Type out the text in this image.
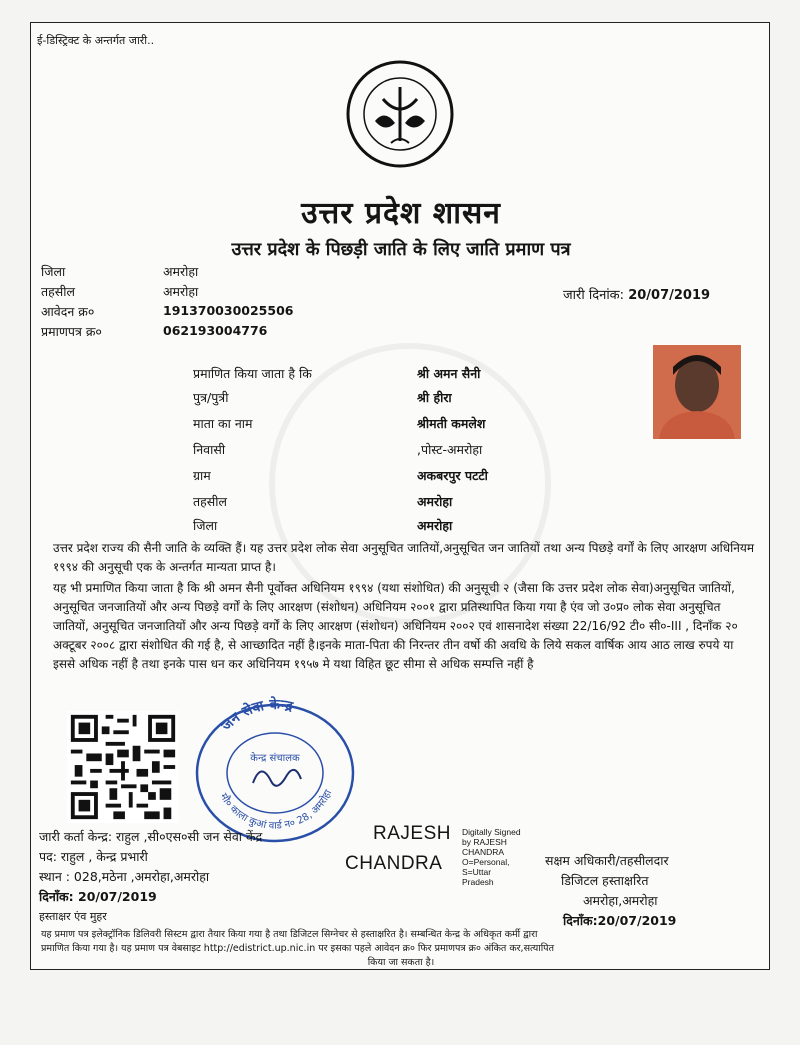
ई-डिस्ट्रिक्ट के अन्तर्गत जारी..
उत्तर प्रदेश शासन
उत्तर प्रदेश के पिछड़ी जाति के लिए जाति प्रमाण पत्र
जिला	अमरोहा
तहसील	अमरोहा
आवेदन क्र०	191370030025506
प्रमाणपत्र क्र०	062193004776
जारी दिनांक: 20/07/2019
प्रमाणित किया जाता है कि	श्री अमन सैनी
पुत्र/पुत्री	श्री हीरा
माता का नाम	श्रीमती कमलेश
निवासी	,पोस्ट-अमरोहा
ग्राम	अकबरपुर पटटी
तहसील	अमरोहा
जिला	अमरोहा
उत्तर प्रदेश राज्य की सैनी जाति के व्यक्ति हैं। यह उत्तर प्रदेश लोक सेवा अनुसूचित जातियों,अनुसूचित जन जातियों तथा अन्य पिछड़े वर्गों के लिए आरक्षण अधिनियम १९९४ की अनुसूची एक के अन्तर्गत मान्यता प्राप्त है।
यह भी प्रमाणित किया जाता है कि श्री अमन सैनी पूर्वोक्त अधिनियम १९९४ (यथा संशोधित) की अनुसूची २ (जैसा कि उत्तर प्रदेश लोक सेवा)अनुसूचित जातियों, अनुसूचित जनजातियों और अन्य पिछड़े वर्गों के लिए आरक्षण (संशोधन) अधिनियम २००१ द्वारा प्रतिस्थापित किया गया है एंव जो उ०प्र० लोक सेवा अनुसूचित जातियों, अनुसूचित जनजातियों और अन्य पिछड़े वर्गों के लिए आरक्षण (संशोधन) अधिनियम २००२ एवं शासनादेश संख्या 22/16/92 टी० सी०-III , दिनाँक २० अक्टूबर २००८ द्वारा संशोधित की गई है, से आच्छादित नहीं है।इनके माता-पिता की निरन्तर तीन वर्षो की अवधि के लिये सकल वार्षिक आय आठ लाख रुपये या इससे अधिक नहीं है तथा इनके पास धन कर अधिनियम १९५७ मे यथा विहित छूट सीमा से अधिक सम्पत्ति नहीं है
जन सेवा केन्द्र
मौ० काला कुआं वार्ड न० 28, अमरोहा
केन्द्र संचालक
जारी कर्ता केन्द्र: राहुल ,सी०एस०सी जन सेवा केंद्र
पद: राहुल , केन्द्र प्रभारी
स्थान : 028,मठेना ,अमरोहा,अमरोहा
दिनाँक: 20/07/2019
हस्ताक्षर एंव मुहर
RAJESH
CHANDRA
Digitally Signed
by RAJESH
CHANDRA
O=Personal,
S=Uttar
Pradesh
सक्षम अधिकारी/तहसीलदार
डिजिटल हस्ताक्षरित
अमरोहा,अमरोहा
दिनाँक:20/07/2019
यह प्रमाण पत्र इलेक्ट्रॉनिक डिलिवरी सिस्टम द्वारा तैयार किया गया है तथा डिजिटल सिग्नेचर से हस्ताक्षरित है। सम्बन्धित केन्द्र के अधिकृत कर्मी द्वारा
प्रमाणित किया गया है। यह प्रमाण पत्र वेबसाइट http://edistrict.up.nic.in पर इसका पहले आवेदन क्र० फिर प्रमाणपत्र क्र० अंकित कर,सत्यापित
किया जा सकता है।
